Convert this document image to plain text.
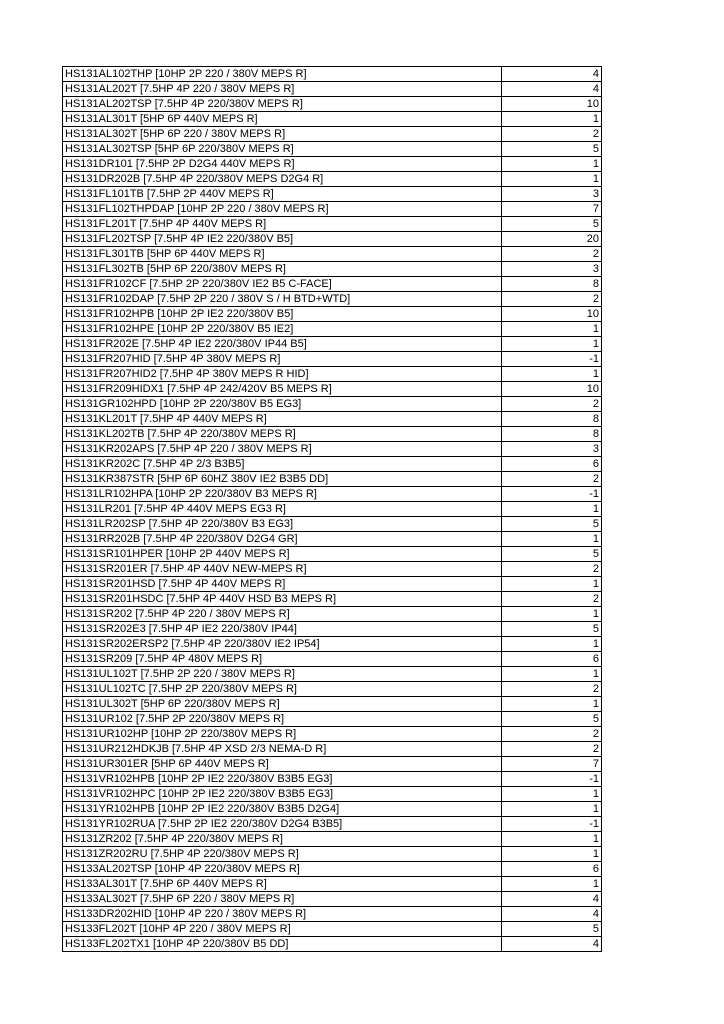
HS131AL102THP [10HP 2P 220 / 380V MEPS R]	4
HS131AL202T [7.5HP 4P 220 / 380V MEPS R]	4
HS131AL202TSP [7.5HP 4P 220/380V MEPS R]	10
HS131AL301T [5HP 6P 440V MEPS R]	1
HS131AL302T [5HP 6P 220 / 380V MEPS R]	2
HS131AL302TSP [5HP 6P 220/380V MEPS R]	5
HS131DR101 [7.5HP 2P D2G4 440V MEPS R]	1
HS131DR202B [7.5HP 4P 220/380V MEPS D2G4 R]	1
HS131FL101TB [7.5HP 2P 440V MEPS R]	3
HS131FL102THPDAP [10HP 2P 220 / 380V MEPS R]	7
HS131FL201T [7.5HP 4P 440V MEPS R]	5
HS131FL202TSP [7.5HP 4P IE2 220/380V B5]	20
HS131FL301TB [5HP 6P 440V MEPS R]	2
HS131FL302TB [5HP 6P 220/380V MEPS R]	3
HS131FR102CF [7.5HP 2P 220/380V IE2 B5 C-FACE]	8
HS131FR102DAP [7.5HP 2P 220 / 380V S / H BTD+WTD]	2
HS131FR102HPB [10HP 2P IE2 220/380V B5]	10
HS131FR102HPE [10HP 2P 220/380V B5 IE2]	1
HS131FR202E [7.5HP 4P IE2 220/380V IP44 B5]	1
HS131FR207HID [7.5HP 4P 380V MEPS R]	-1
HS131FR207HID2 [7.5HP 4P 380V MEPS R HID]	1
HS131FR209HIDX1 [7.5HP 4P 242/420V B5 MEPS R]	10
HS131GR102HPD [10HP 2P 220/380V B5 EG3]	2
HS131KL201T [7.5HP 4P 440V MEPS R]	8
HS131KL202TB [7.5HP 4P 220/380V MEPS R]	8
HS131KR202APS [7.5HP 4P 220 / 380V MEPS R]	3
HS131KR202C [7.5HP 4P 2/3 B3B5]	6
HS131KR387STR [5HP 6P 60HZ 380V IE2 B3B5 DD]	2
HS131LR102HPA [10HP 2P 220/380V B3 MEPS R]	-1
HS131LR201 [7.5HP 4P 440V MEPS EG3 R]	1
HS131LR202SP [7.5HP 4P 220/380V B3 EG3]	5
HS131RR202B [7.5HP 4P 220/380V D2G4 GR]	1
HS131SR101HPER [10HP 2P 440V MEPS R]	5
HS131SR201ER [7.5HP 4P 440V NEW-MEPS R]	2
HS131SR201HSD [7.5HP 4P 440V MEPS R]	1
HS131SR201HSDC [7.5HP 4P 440V HSD B3 MEPS R]	2
HS131SR202 [7.5HP 4P 220 / 380V MEPS R]	1
HS131SR202E3 [7.5HP 4P IE2 220/380V IP44]	5
HS131SR202ERSP2 [7.5HP 4P 220/380V IE2 IP54]	1
HS131SR209 [7.5HP 4P 480V MEPS R]	6
HS131UL102T [7.5HP 2P 220 / 380V MEPS R]	1
HS131UL102TC [7.5HP 2P 220/380V MEPS R]	2
HS131UL302T [5HP 6P 220/380V MEPS R]	1
HS131UR102 [7.5HP 2P 220/380V MEPS R]	5
HS131UR102HP [10HP 2P 220/380V MEPS R]	2
HS131UR212HDKJB [7.5HP 4P XSD 2/3 NEMA-D R]	2
HS131UR301ER [5HP 6P 440V MEPS R]	7
HS131VR102HPB [10HP 2P IE2 220/380V B3B5 EG3]	-1
HS131VR102HPC [10HP 2P IE2 220/380V B3B5 EG3]	1
HS131YR102HPB [10HP 2P IE2 220/380V B3B5 D2G4]	1
HS131YR102RUA [7.5HP 2P IE2 220/380V D2G4 B3B5]	-1
HS131ZR202 [7.5HP 4P 220/380V MEPS R]	1
HS131ZR202RU [7.5HP 4P 220/380V MEPS R]	1
HS133AL202TSP [10HP 4P 220/380V MEPS R]	6
HS133AL301T [7.5HP 6P 440V MEPS R]	1
HS133AL302T [7.5HP 6P 220 / 380V MEPS R]	4
HS133DR202HID [10HP 4P 220 / 380V MEPS R]	4
HS133FL202T [10HP 4P 220 / 380V MEPS R]	5
HS133FL202TX1 [10HP 4P 220/380V B5 DD]	4
